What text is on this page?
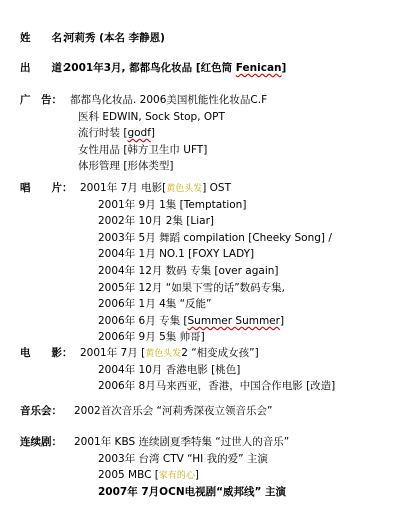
姓　　名：
河莉秀 (本名 李静恩)
出　　道：
2001年3月, 都都鸟化妆品 [红色筒 Fenican]
广　告： 都都鸟化妆品. 2006美国机能性化妆品C.F
医科 EDWIN, Sock Stop, OPT
流行时装 [godf]
女性用品 [韩方卫生巾 UFT]
体形管理 [形体类型]
唱　　片： 2001年 7月 电影[黄色头发] OST
2001年 9月 1集 [Temptation]
2002年 10月 2集 [Liar]
2003年 5月 舞蹈 compilation [Cheeky Song] /
2004年 1月 NO.1 [FOXY LADY]
2004年 12月 数码 专集 [over again]
2005年 12月 “如果下雪的话”数码专集,
2006年 1月 4集 “反能”
2006年 6月 专集 [Summer Summer]
2006年 9月 5集 帅哥]
电　　影： 2001年 7月 [黄色头发2 “相变成女孩”]
2004年 10月 香港电影 [桃色]
2006年 8月马来西亚，香港，中国合作电影 [改造]
音乐会： 2002首次音乐会 “河莉秀深夜立领音乐会”
连续剧： 2001年 KBS 连续剧夏季特集 “过世人的音乐”
2003年 台湾 CTV “HI 我的爱” 主演
2005 MBC [家有的心]
2007年 7月OCN电视剧“威邦线” 主演
